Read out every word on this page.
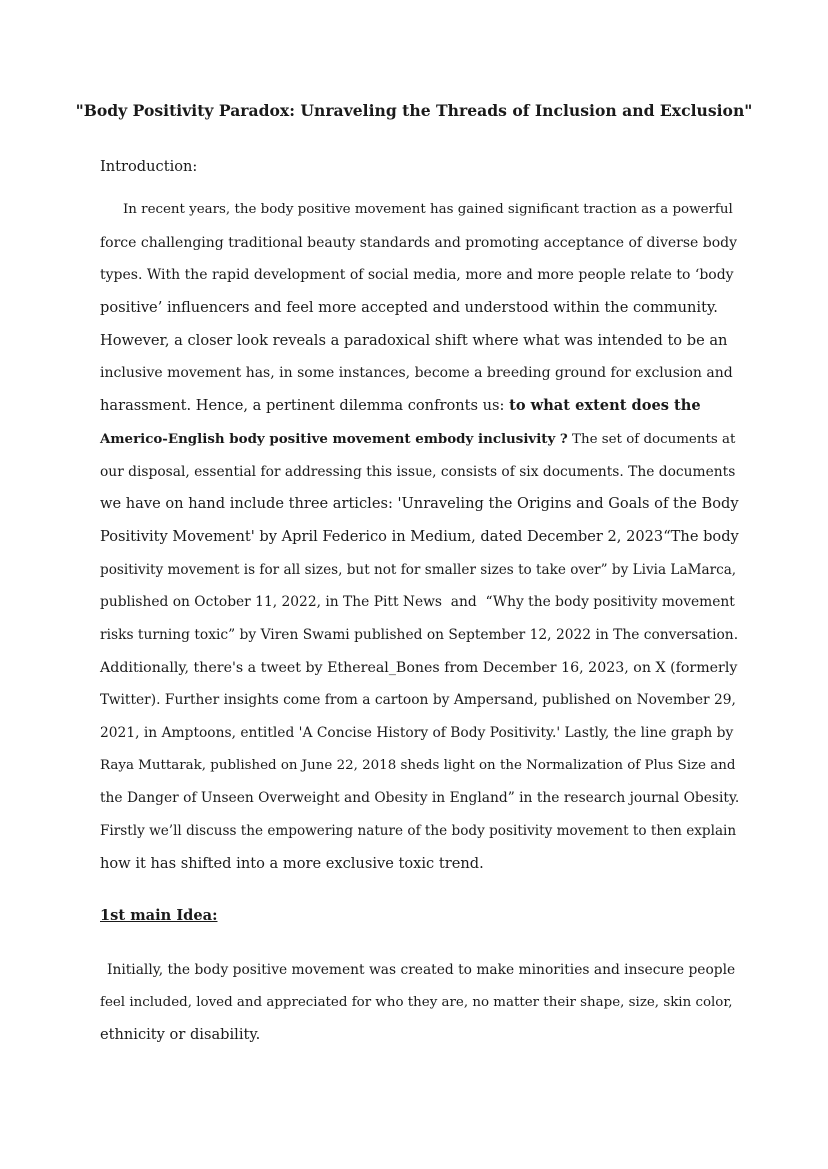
"Body Positivity Paradox: Unraveling the Threads of Inclusion and Exclusion"

Introduction:

In recent years, the body positive movement has gained significant traction as a powerful
force challenging traditional beauty standards and promoting acceptance of diverse body
types. With the rapid development of social media, more and more people relate to ‘body
positive’ influencers and feel more accepted and understood within the community.
However, a closer look reveals a paradoxical shift where what was intended to be an
inclusive movement has, in some instances, become a breeding ground for exclusion and
harassment. Hence, a pertinent dilemma confronts us: to what extent does the
Americo-English body positive movement embody inclusivity ? The set of documents at
our disposal, essential for addressing this issue, consists of six documents. The documents
we have on hand include three articles: 'Unraveling the Origins and Goals of the Body
Positivity Movement' by April Federico in Medium, dated December 2, 2023“The body
positivity movement is for all sizes, but not for smaller sizes to take over” by Livia LaMarca,
published on October 11, 2022, in The Pitt News  and  “Why the body positivity movement
risks turning toxic” by Viren Swami published on September 12, 2022 in The conversation.
Additionally, there's a tweet by Ethereal_Bones from December 16, 2023, on X (formerly
Twitter). Further insights come from a cartoon by Ampersand, published on November 29,
2021, in Amptoons, entitled 'A Concise History of Body Positivity.' Lastly, the line graph by
Raya Muttarak, published on June 22, 2018 sheds light on the Normalization of Plus Size and
the Danger of Unseen Overweight and Obesity in England” in the research journal Obesity.
Firstly we’ll discuss the empowering nature of the body positivity movement to then explain
how it has shifted into a more exclusive toxic trend.

1st main Idea:

Initially, the body positive movement was created to make minorities and insecure people
feel included, loved and appreciated for who they are, no matter their shape, size, skin color,
ethnicity or disability.
